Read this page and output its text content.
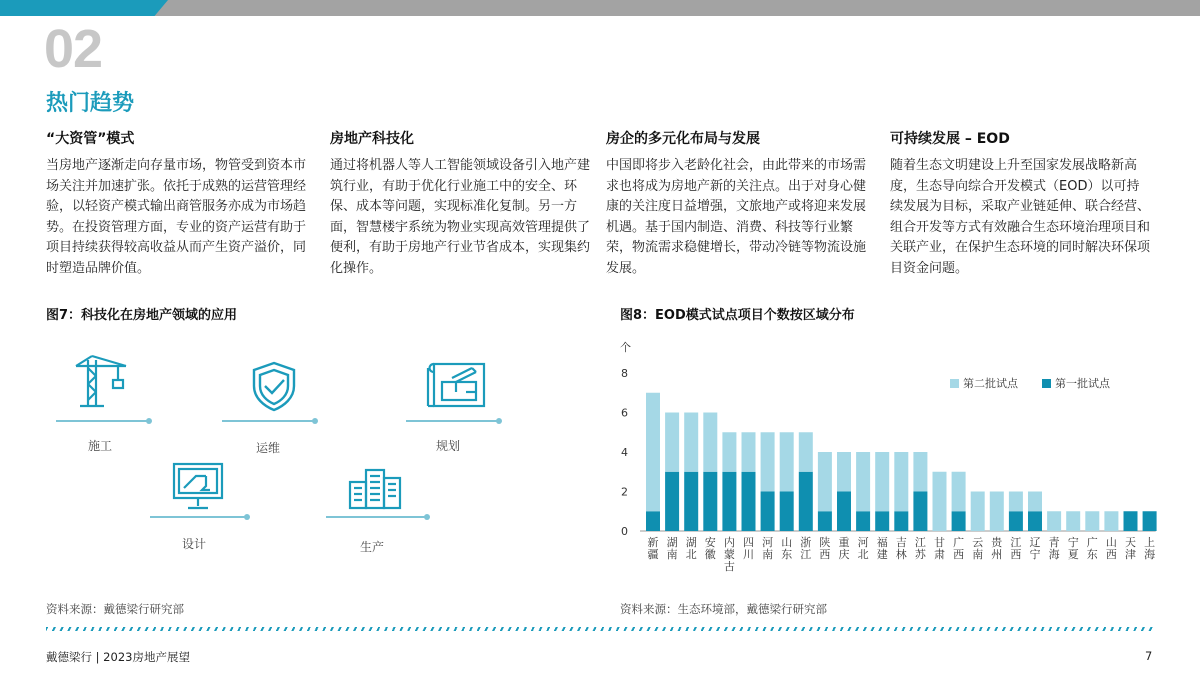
02
热门趋势
“大资管”模式

当房地产逐渐走向存量市场，物管受到资本市场关注并加速扩张。依托于成熟的运营管理经验，以轻资产模式输出商管服务亦成为市场趋势。在投资管理方面，专业的资产运营有助于项目持续获得较高收益从而产生资产溢价，同时塑造品牌价值。

房地产科技化

通过将机器人等人工智能领域设备引入地产建筑行业，有助于优化行业施工中的安全、环保、成本等问题，实现标准化复制。另一方面，智慧楼宇系统为物业实现高效管理提供了便利，有助于房地产行业节省成本，实现集约化操作。

房企的多元化布局与发展

中国即将步入老龄化社会，由此带来的市场需求也将成为房地产新的关注点。出于对身心健康的关注度日益增强，文旅地产或将迎来发展机遇。基于国内制造、消费、科技等行业繁荣，物流需求稳健增长，带动冷链等物流设施发展。

可持续发展 – EOD

随着生态文明建设上升至国家发展战略新高度，生态导向综合开发模式（EOD）以可持续发展为目标，采取产业链延伸、联合经营、组合开发等方式有效融合生态环境治理项目和关联产业，在保护生态环境的同时解决环保项目资金问题。

图7：科技化在房地产领域的应用	图8：EOD模式试点项目个数按区域分布
施工	运维	规划
设计	生产
个
0
2
4
6
8
新
疆
湖
南
湖
北
安
徽
内
蒙
古
四
川
河
南
山
东
浙
江
陕
西
重
庆
河
北
福
建
吉
林
江
苏
甘
肃
广
西
云
南
贵
州
江
西
辽
宁
青
海
宁
夏
广
东
山
西
天
津
上
海
第二批试点	第一批试点
资料来源：戴德梁行研究部	资料来源：生态环境部，戴德梁行研究部
戴德梁行 | 2023房地产展望	7
